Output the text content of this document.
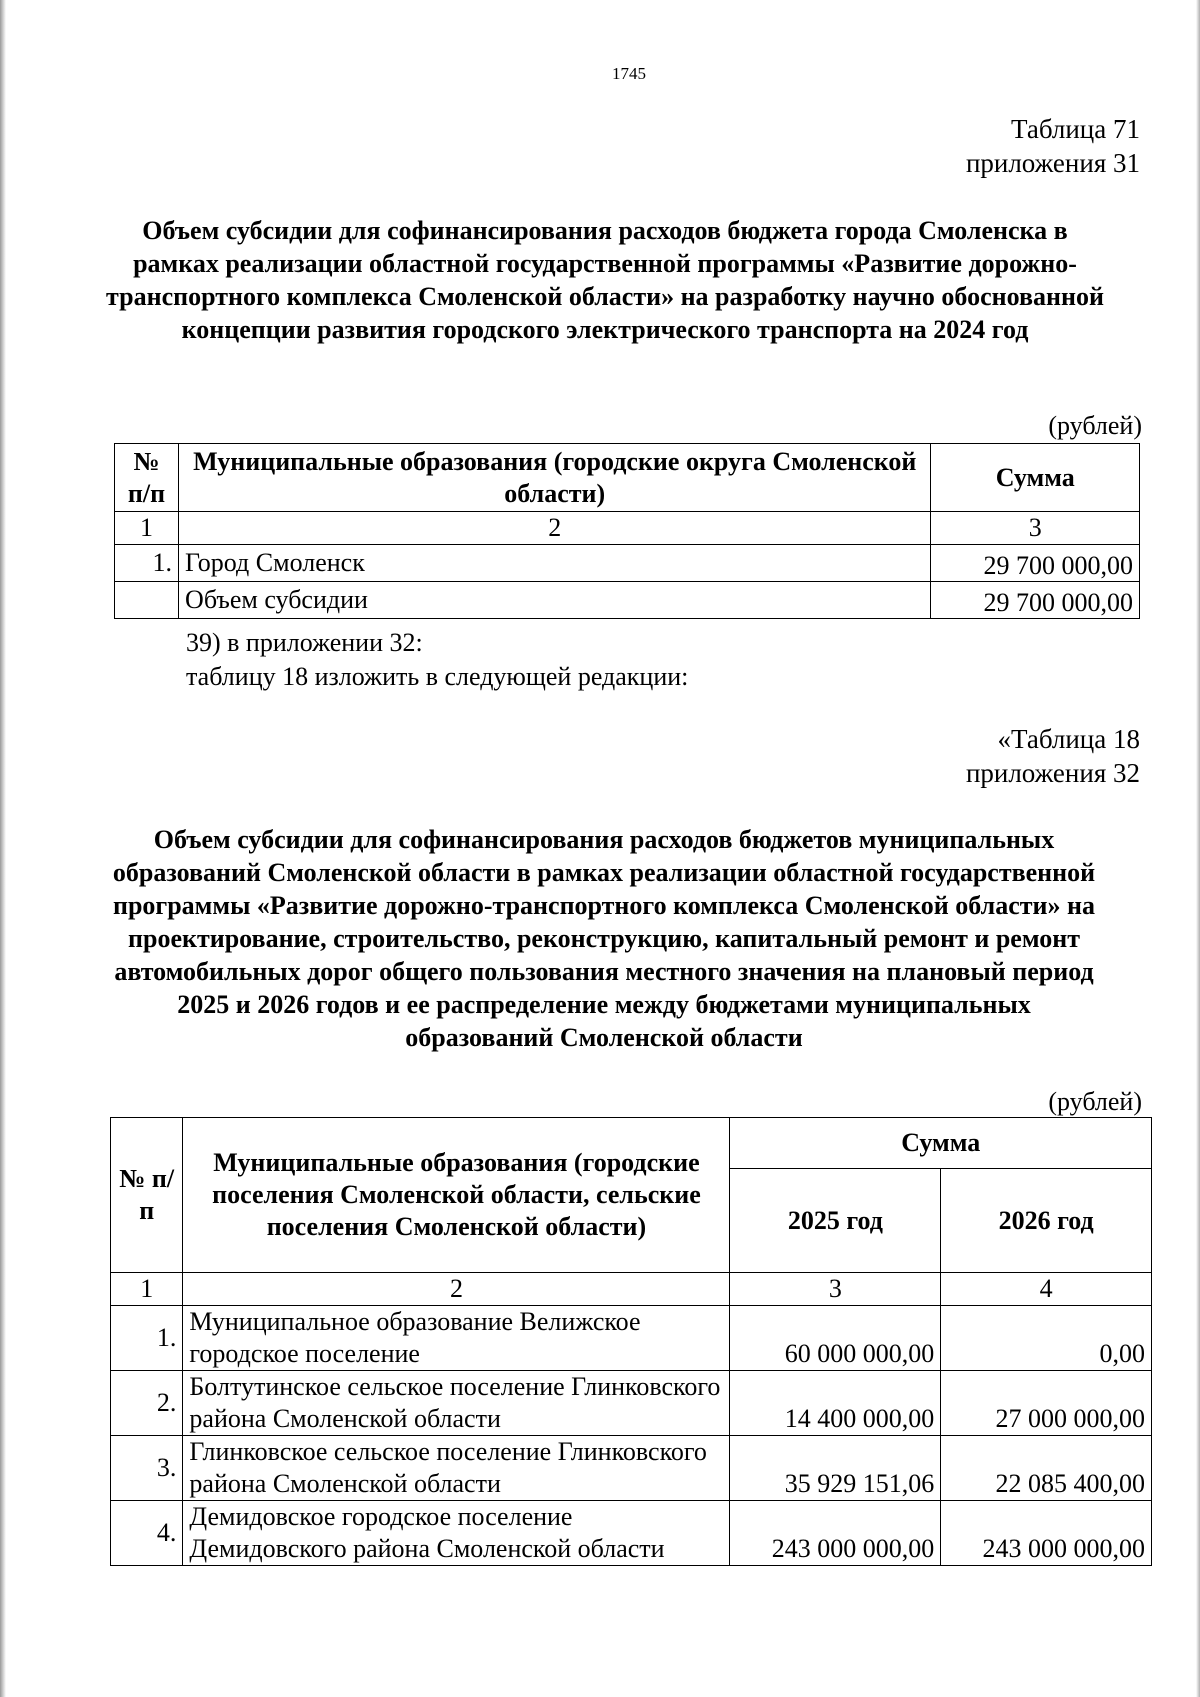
1745
Таблица 71
приложения 31
Объем субсидии для софинансирования расходов бюджета города Смоленска в рамках реализации областной государственной программы «Развитие дорожно-транспортного комплекса Смоленской области» на разработку научно обоснованной концепции развития городского электрического транспорта на 2024 год
(рублей)
№ п/п	Муниципальные образования (городские округа Смоленской области)	Сумма
1	2	3
1.	Город Смоленск	29 700 000,00
	Объем субсидии	29 700 000,00
39) в приложении 32:
таблицу 18 изложить в следующей редакции:
«Таблица 18
приложения 32
Объем субсидии для софинансирования расходов бюджетов муниципальных образований Смоленской области в рамках реализации областной государственной программы «Развитие дорожно-транспортного комплекса Смоленской области» на проектирование, строительство, реконструкцию, капитальный ремонт и ремонт автомобильных дорог общего пользования местного значения на плановый период 2025 и 2026 годов и ее распределение между бюджетами муниципальных образований Смоленской области
(рублей)
№ п/п	Муниципальные образования (городские поселения Смоленской области, сельские поселения Смоленской области)	Сумма	
		2025 год	2026 год
1	2	3	4
1.	Муниципальное образование Велижское городское поселение	60 000 000,00	0,00
2.	Болтутинское сельское поселение Глинковского района Смоленской области	14 400 000,00	27 000 000,00
3.	Глинковское сельское поселение Глинковского района Смоленской области	35 929 151,06	22 085 400,00
4.	Демидовское городское поселение Демидовского района Смоленской области	243 000 000,00	243 000 000,00
